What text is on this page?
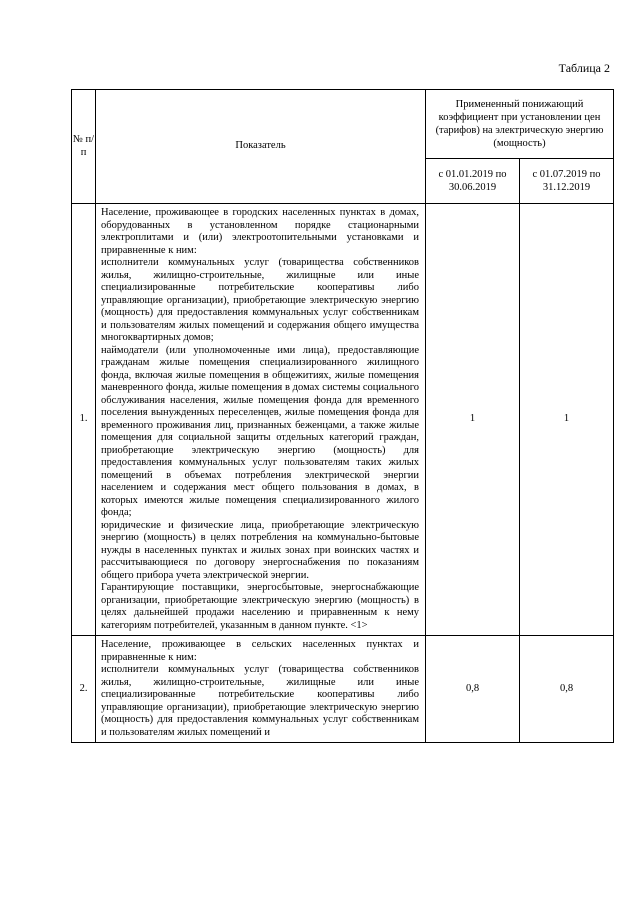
Таблица 2
№ п/п	Показатель	Примененный понижающий коэффициент при установлении цен (тарифов) на электрическую энергию (мощность)	
		с 01.01.2019 по 30.06.2019	с 01.07.2019 по 31.12.2019
1.	Население, проживающее в городских населенных пунктах в домах, оборудованных в установленном порядке стационарными электроплитами и (или) электроотопительными установками и приравненные к ним:

исполнители коммунальных услуг (товарищества собственников жилья, жилищно-строительные, жилищные или иные специализированные потребительские кооперативы либо управляющие организации), приобретающие электрическую энергию (мощность) для предоставления коммунальных услуг собственникам и пользователям жилых помещений и содержания общего имущества многоквартирных домов;

наймодатели (или уполномоченные ими лица), предоставляющие гражданам жилые помещения специализированного жилищного фонда, включая жилые помещения в общежитиях, жилые помещения маневренного фонда, жилые помещения в домах системы социального обслуживания населения, жилые помещения фонда для временного поселения вынужденных переселенцев, жилые помещения фонда для временного проживания лиц, признанных беженцами, а также жилые помещения для социальной защиты отдельных категорий граждан, приобретающие электрическую энергию (мощность) для предоставления коммунальных услуг пользователям таких жилых помещений в объемах потребления электрической энергии населением и содержания мест общего пользования в домах, в которых имеются жилые помещения специализированного жилого фонда;

юридические и физические лица, приобретающие электрическую энергию (мощность) в целях потребления на коммунально-бытовые нужды в населенных пунктах и жилых зонах при воинских частях и рассчитывающиеся по договору энергоснабжения по показаниям общего прибора учета электрической энергии.

Гарантирующие поставщики, энергосбытовые, энергоснабжающие организации, приобретающие электрическую энергию (мощность) в целях дальнейшей продажи населению и приравненным к нему категориям потребителей, указанным в данном пункте. <1>	1	1
2.	Население, проживающее в сельских населенных пунктах и приравненные к ним:

исполнители коммунальных услуг (товарищества собственников жилья, жилищно-строительные, жилищные или иные специализированные потребительские кооперативы либо управляющие организации), приобретающие электрическую энергию (мощность) для предоставления коммунальных услуг собственникам и пользователям жилых помещений и	0,8	0,8
